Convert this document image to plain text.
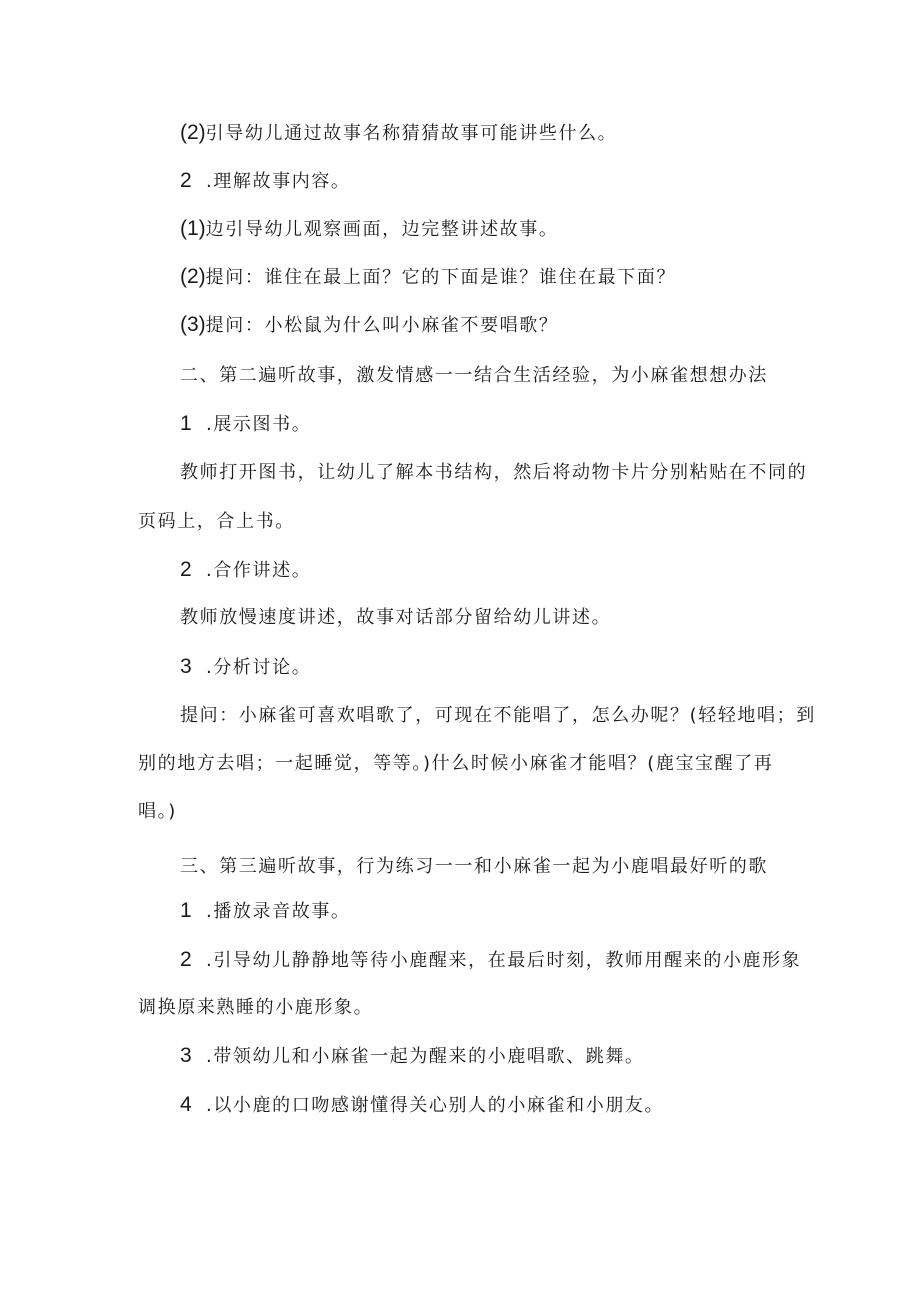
(2)引导幼儿通过故事名称猜猜故事可能讲些什么。
2 .理解故事内容。
(1)边引导幼儿观察画面，边完整讲述故事。
(2)提问：谁住在最上面？它的下面是谁？谁住在最下面？
(3)提问：小松鼠为什么叫小麻雀不要唱歌？
二、第二遍听故事，激发情感一一结合生活经验，为小麻雀想想办法
1 .展示图书。
教师打开图书，让幼儿了解本书结构，然后将动物卡片分别粘贴在不同的
页码上，合上书。
2 .合作讲述。
教师放慢速度讲述，故事对话部分留给幼儿讲述。
3 .分析讨论。
提问：小麻雀可喜欢唱歌了，可现在不能唱了，怎么办呢？(轻轻地唱；到
别的地方去唱；一起睡觉，等等。)什么时候小麻雀才能唱？(鹿宝宝醒了再
唱。)
三、第三遍听故事，行为练习一一和小麻雀一起为小鹿唱最好听的歌
1 .播放录音故事。
2 .引导幼儿静静地等待小鹿醒来，在最后时刻，教师用醒来的小鹿形象
调换原来熟睡的小鹿形象。
3 .带领幼儿和小麻雀一起为醒来的小鹿唱歌、跳舞。
4 .以小鹿的口吻感谢懂得关心别人的小麻雀和小朋友。
